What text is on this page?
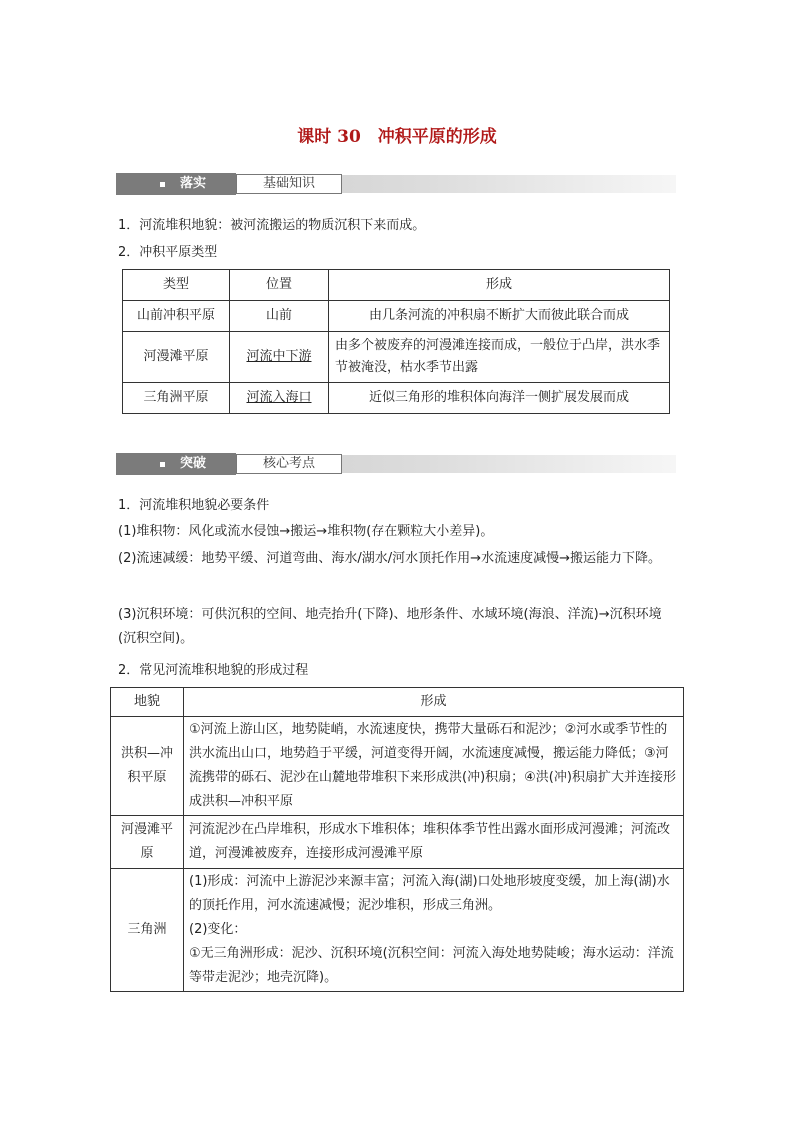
课时 30　冲积平原的形成
落实	基础知识
1．河流堆积地貌：被河流搬运的物质沉积下来而成。
2．冲积平原类型
类型	位置	形成
山前冲积平原	山前	由几条河流的冲积扇不断扩大而彼此联合而成
河漫滩平原	河流中下游	由多个被废弃的河漫滩连接而成，一般位于凸岸，洪水季节被淹没，枯水季节出露
三角洲平原	河流入海口	近似三角形的堆积体向海洋一侧扩展发展而成
突破	核心考点
1．河流堆积地貌必要条件
(1)堆积物：风化或流水侵蚀→搬运→堆积物(存在颗粒大小差异)。
(2)流速减缓：地势平缓、河道弯曲、海水/湖水/河水顶托作用→水流速度减慢→搬运能力下降。
(3)沉积环境：可供沉积的空间、地壳抬升(下降)、地形条件、水域环境(海浪、洋流)→沉积环境(沉积空间)。
2．常见河流堆积地貌的形成过程
地貌	形成
洪积—冲积平原	①河流上游山区，地势陡峭，水流速度快，携带大量砾石和泥沙；②河水或季节性的洪水流出山口，地势趋于平缓，河道变得开阔，水流速度减慢，搬运能力降低；③河流携带的砾石、泥沙在山麓地带堆积下来形成洪(冲)积扇；④洪(冲)积扇扩大并连接形成洪积—冲积平原
河漫滩平原	河流泥沙在凸岸堆积，形成水下堆积体；堆积体季节性出露水面形成河漫滩；河流改道，河漫滩被废弃，连接形成河漫滩平原
三角洲	(1)形成：河流中上游泥沙来源丰富；河流入海(湖)口处地形坡度变缓，加上海(湖)水的顶托作用，河水流速减慢；泥沙堆积，形成三角洲。
(2)变化：
①无三角洲形成：泥沙、沉积环境(沉积空间：河流入海处地势陡峻；海水运动：洋流等带走泥沙；地壳沉降)。
